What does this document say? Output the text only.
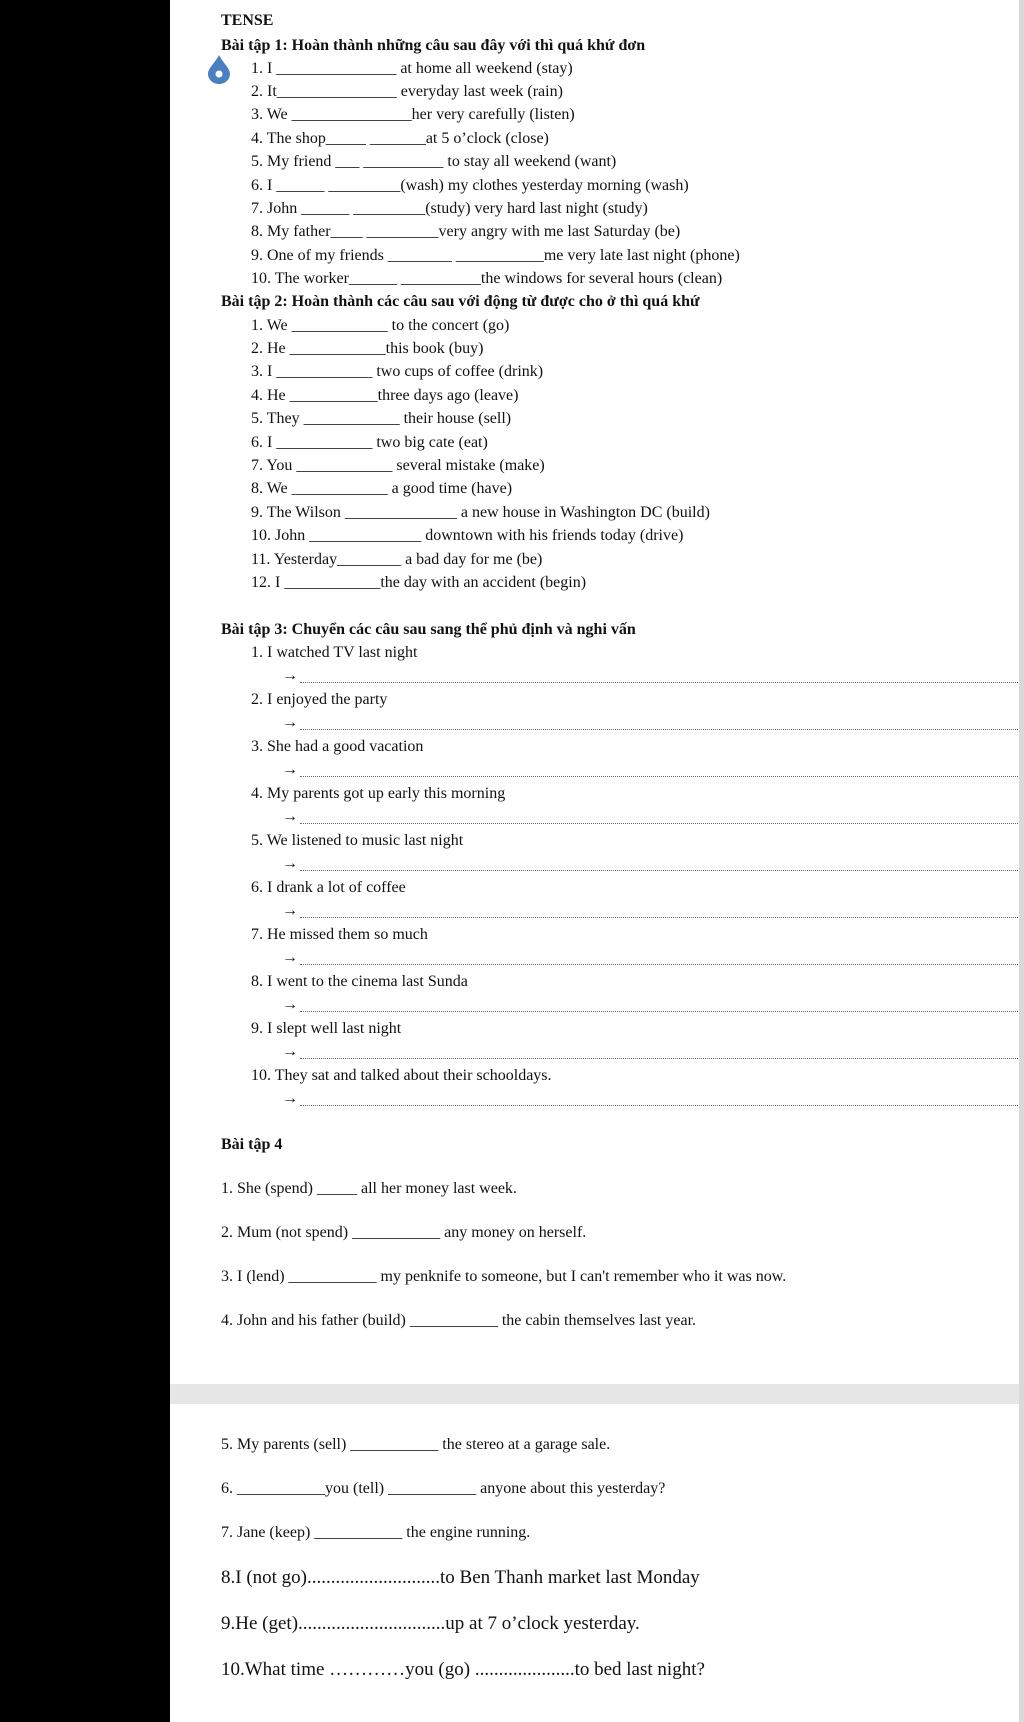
TENSE
Bài tập 1: Hoàn thành những câu sau đây với thì quá khứ đơn
1. I _______________ at home all weekend (stay)
2. It_______________ everyday last week (rain)
3. We _______________her very carefully (listen)
4. The shop_____ _______at 5 o’clock (close)
5. My friend ___ __________ to stay all weekend (want)
6. I ______ _________(wash) my clothes yesterday morning (wash)
7. John ______ _________(study) very hard last night (study)
8. My father____ _________very angry with me last Saturday (be)
9. One of my friends ________ ___________me very late last night (phone)
10. The worker______ __________the windows for several hours (clean)
Bài tập 2: Hoàn thành các câu sau với động từ được cho ở thì quá khứ
1. We ____________ to the concert (go)
2. He ____________this book (buy)
3. I ____________ two cups of coffee (drink)
4. He ___________three days ago (leave)
5. They ____________ their house (sell)
6. I ____________ two big cate (eat)
7. You ____________ several mistake (make)
8. We ____________ a good time (have)
9. The Wilson ______________ a new house in Washington DC (build)
10. John ______________ downtown with his friends today (drive)
11. Yesterday________ a bad day for me (be)
12. I ____________the day with an accident (begin)
Bài tập 3: Chuyển các câu sau sang thể phủ định và nghi vấn
1. I watched TV last night
→
2. I enjoyed the party
→
3. She had a good vacation
→
4. My parents got up early this morning
→
5. We listened to music last night
→
6. I drank a lot of coffee
→
7. He missed them so much
→
8. I went to the cinema last Sunda
→
9. I slept well last night
→
10. They sat and talked about their schooldays.
→
Bài tập 4
1. She (spend) _____ all her money last week.
2. Mum (not spend) ___________ any money on herself.
3. I (lend) ___________ my penknife to someone, but I can't remember who it was now.
4. John and his father (build) ___________ the cabin themselves last year.
5. My parents (sell) ___________ the stereo at a garage sale.
6. ___________you (tell) ___________ anyone about this yesterday?
7. Jane (keep) ___________ the engine running.
8.I (not go)............................to Ben Thanh market last Monday
9.He (get)...............................up at 7 o’clock yesterday.
10.What time …………you (go) .....................to bed last night?
